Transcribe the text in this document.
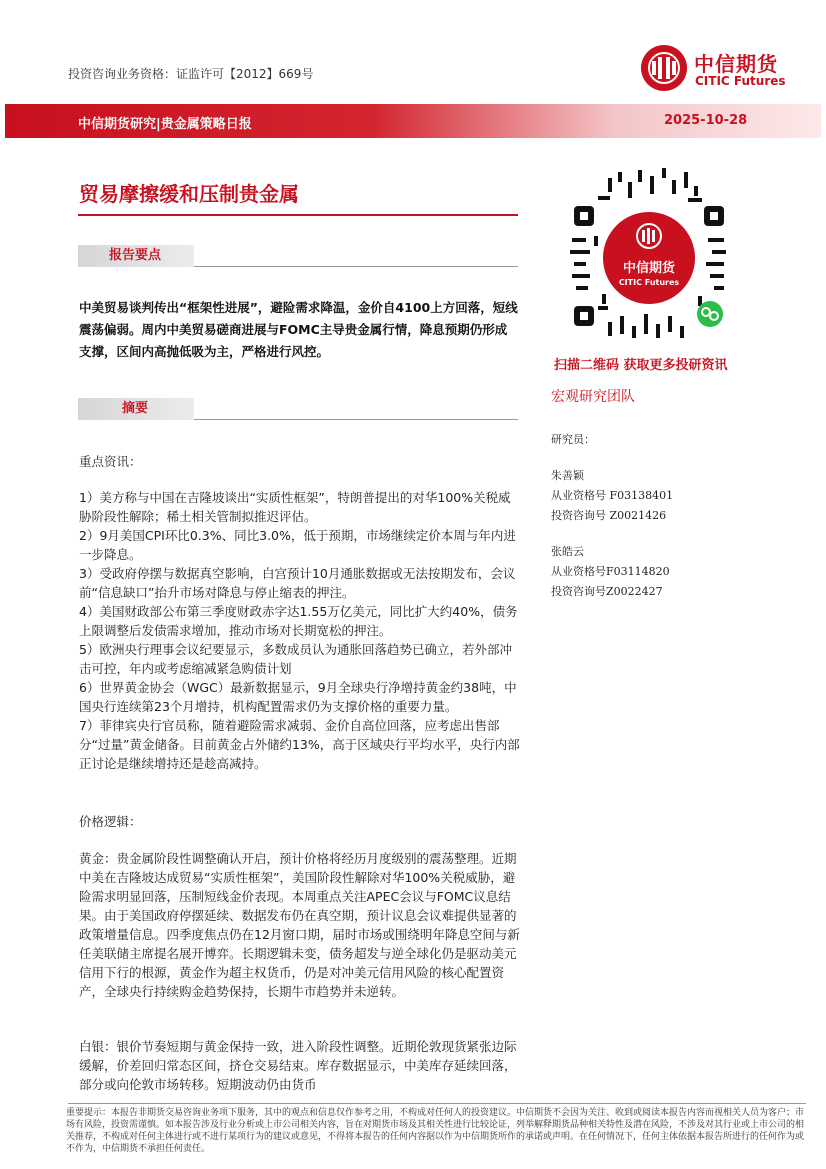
投资咨询业务资格：证监许可【2012】669号	中信期货
CITIC Futures
中信期货研究|贵金属策略日报	2025-10-28
贸易摩擦缓和压制贵金属
报告要点
中美贸易谈判传出“框架性进展”，避险需求降温，金价自4100上方回落，短线震荡偏弱。周内中美贸易磋商进展与FOMC主导贵金属行情，降息预期仍形成支撑，区间内高抛低吸为主，严格进行风控。
摘要
重点资讯：

1）美方称与中国在吉隆坡谈出“实质性框架”，特朗普提出的对华100%关税威胁阶段性解除；稀土相关管制拟推迟评估。

2）9月美国CPI环比0.3%、同比3.0%，低于预期，市场继续定价本周与年内进一步降息。

3）受政府停摆与数据真空影响，白宫预计10月通胀数据或无法按期发布，会议前“信息缺口”抬升市场对降息与停止缩表的押注。

4）美国财政部公布第三季度财政赤字达1.55万亿美元，同比扩大约40%，债务上限调整后发债需求增加，推动市场对长期宽松的押注。

5）欧洲央行理事会议纪要显示，多数成员认为通胀回落趋势已确立，若外部冲击可控，年内或考虑缩减紧急购债计划

6）世界黄金协会（WGC）最新数据显示，9月全球央行净增持黄金约38吨，中国央行连续第23个月增持，机构配置需求仍为支撑价格的重要力量。

7）菲律宾央行官员称，随着避险需求减弱、金价自高位回落，应考虑出售部分“过量”黄金储备。目前黄金占外储约13%，高于区域央行平均水平，央行内部正讨论是继续增持还是趁高减持。

价格逻辑：
黄金：贵金属阶段性调整确认开启，预计价格将经历月度级别的震荡整理。近期中美在吉隆坡达成贸易“实质性框架”，美国阶段性解除对华100%关税威胁，避险需求明显回落，压制短线金价表现。本周重点关注APEC会议与FOMC议息结果。由于美国政府停摆延续、数据发布仍在真空期，预计议息会议难提供显著的政策增量信息。四季度焦点仍在12月窗口期，届时市场或围绕明年降息空间与新任美联储主席提名展开博弈。长期逻辑未变，债务超发与逆全球化仍是驱动美元信用下行的根源，黄金作为超主权货币，仍是对冲美元信用风险的核心配置资产，全球央行持续购金趋势保持，长期牛市趋势并未逆转。
白银：银价节奏短期与黄金保持一致，进入阶段性调整。近期伦敦现货紧张边际缓解，价差回归常态区间，挤仓交易结束。库存数据显示，中美库存延续回落，部分或向伦敦市场转移。短期波动仍由货币
中信期货
CITIC Futures
扫描二维码 获取更多投研资讯
宏观研究团队
研究员：
朱善颖
从业资格号 F03138401
投资咨询号 Z0021426
张皓云
从业资格号F03114820
投资咨询号Z0022427
重要提示：本报告非期货交易咨询业务项下服务，其中的观点和信息仅作参考之用，不构成对任何人的投资建议。中信期货不会因为关注、收到或阅读本报告内容而视相关人员为客户；市场有风险，投资需谨慎。如本报告涉及行业分析或上市公司相关内容，旨在对期货市场及其相关性进行比较论证，列举解释期货品种相关特性及潜在风险，不涉及对其行业或上市公司的相关推荐，不构成对任何主体进行或不进行某项行为的建议或意见，不得将本报告的任何内容据以作为中信期货所作的承诺或声明。在任何情况下，任何主体依据本报告所进行的任何作为或不作为，中信期货不承担任何责任。
